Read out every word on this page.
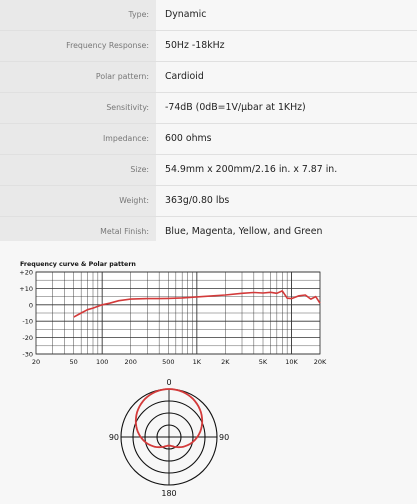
Type:	Dynamic
Frequency Response:	50Hz -18kHz
Polar pattern:	Cardioid
Sensitivity:	-74dB (0dB=1V/µbar at 1KHz)
Impedance:	600 ohms
Size:	54.9mm x 200mm/2.16 in. x 7.87 in.
Weight:	363g/0.80 lbs
Metal Finish:	Blue, Magenta, Yellow, and Green
Frequency curve & Polar pattern
+20
+10
0
-10
-20
-30
20	50	100 200	500	1K	2K	5K	10K 20K
0
90
180
90
